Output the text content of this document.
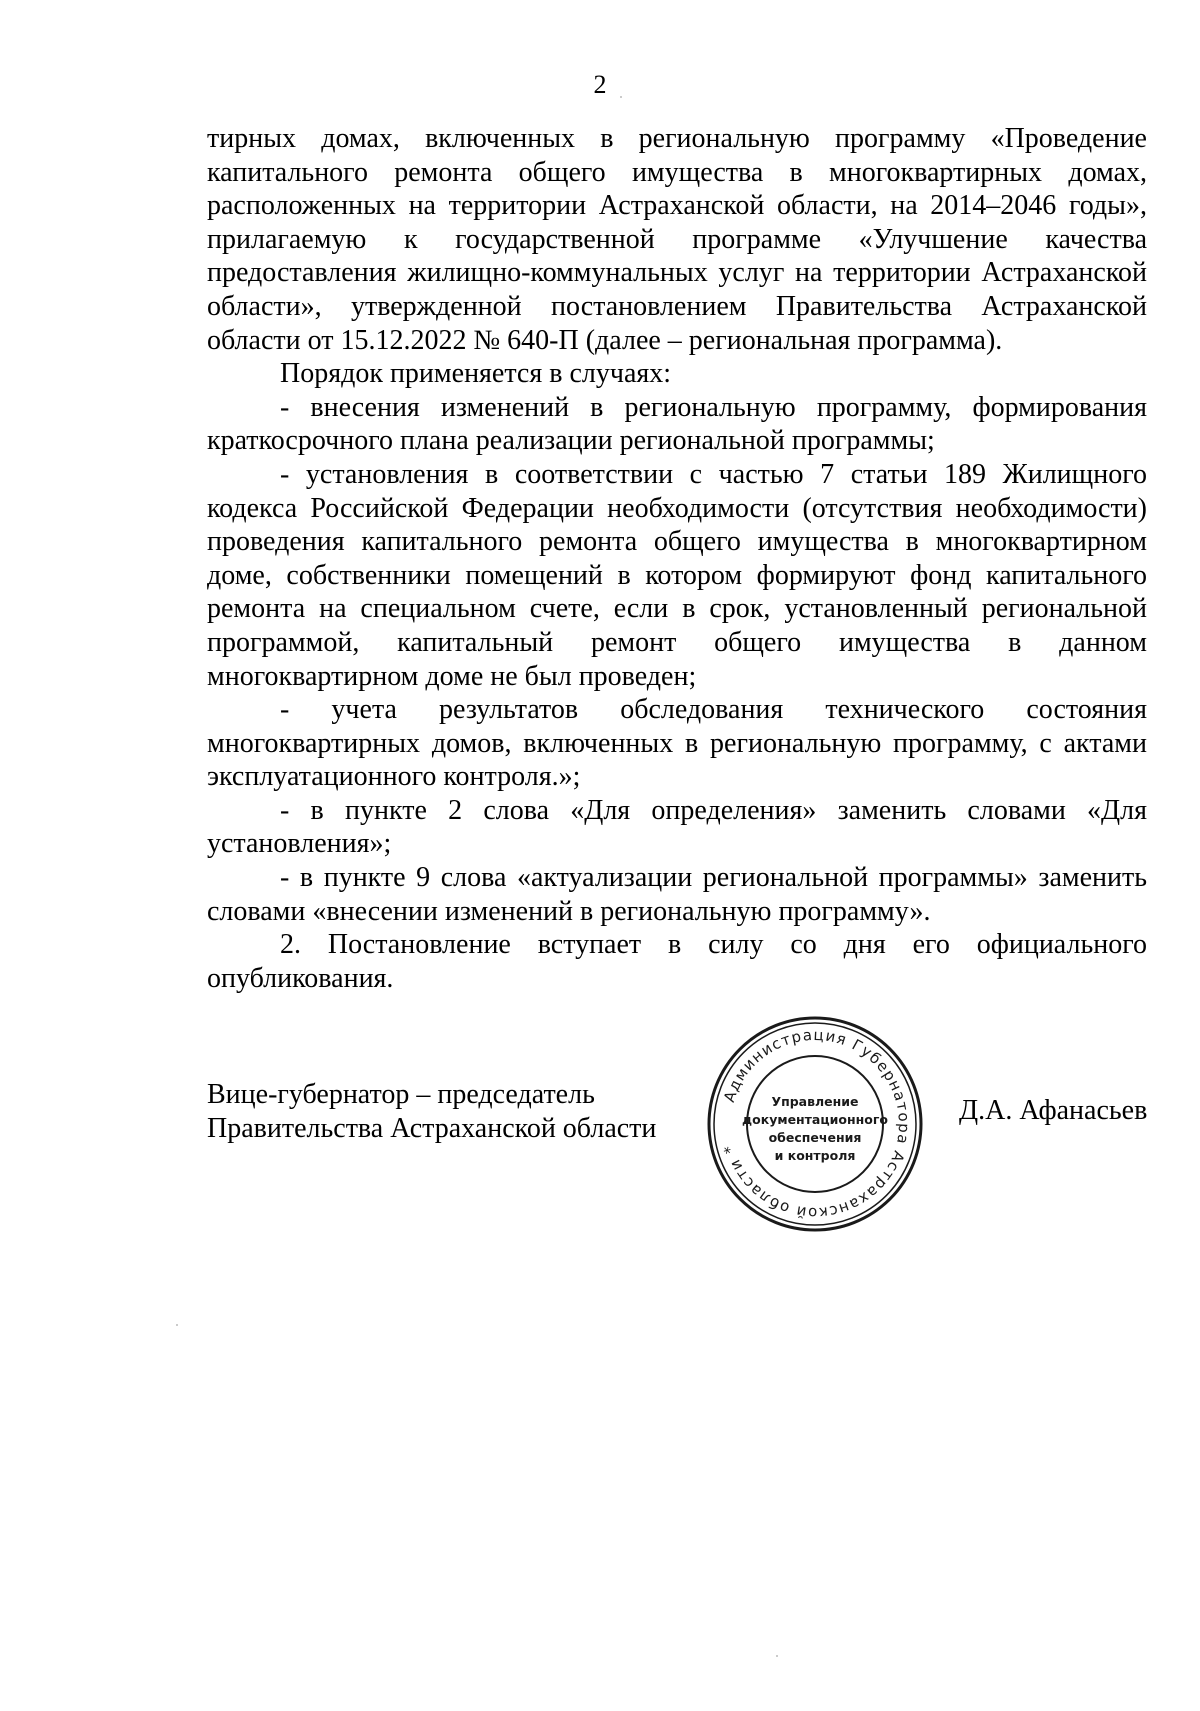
2

тирных домах, включенных в региональную программу «Проведение капитального ремонта общего имущества в многоквартирных домах, расположенных на территории Астраханской области, на 2014–2046 годы», прилагаемую к государственной программе «Улучшение качества предоставления жилищно-коммунальных услуг на территории Астраханской области», утвержденной постановлением Правительства Астраханской области от 15.12.2022 № 640-П (далее – региональная программа).

Порядок применяется в случаях:

- внесения изменений в региональную программу, формирования краткосрочного плана реализации региональной программы;

- установления в соответствии с частью 7 статьи 189 Жилищного кодекса Российской Федерации необходимости (отсутствия необходимости) проведения капитального ремонта общего имущества в многоквартирном доме, собственники помещений в котором формируют фонд капитального ремонта на специальном счете, если в срок, установленный региональной программой, капитальный ремонт общего имущества в данном многоквартирном доме не был проведен;

- учета результатов обследования технического состояния многоквартирных домов, включенных в региональную программу, с актами эксплуатационного контроля.»;

- в пункте 2 слова «Для определения» заменить словами «Для установления»;

- в пункте 9 слова «актуализации региональной программы» заменить словами «внесении изменений в региональную программу».

2. Постановление вступает в силу со дня его официального опубликования.

Вице-губернатор – председатель
Правительства Астраханской области
Администрация Губернатора Астраханской области *
Управление
документационного
обеспечения
и контроля
Д.А. Афанасьев
